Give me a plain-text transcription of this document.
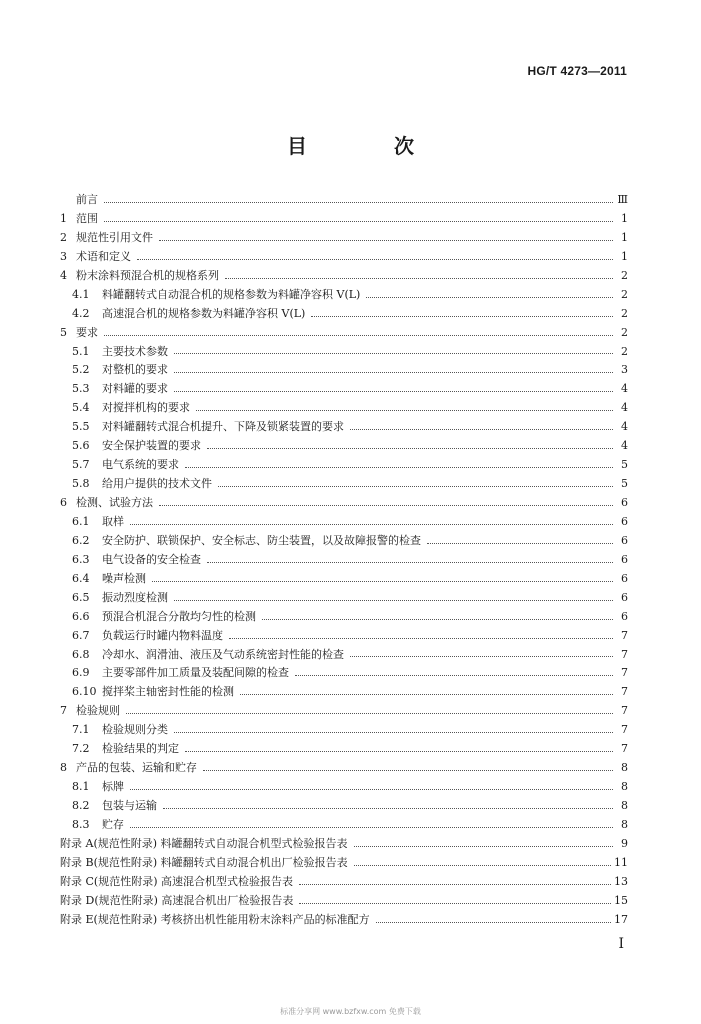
HG/T 4273—2011
目 次
前言	Ⅲ
1 范围	1
2 规范性引用文件	1
3 术语和定义	1
4 粉末涂料预混合机的规格系列	2
4.1	料罐翻转式自动混合机的规格参数为料罐净容积 V(L)	2
4.2	高速混合机的规格参数为料罐净容积 V(L)	2
5 要求	2
5.1	主要技术参数	2
5.2	对整机的要求	3
5.3	对料罐的要求	4
5.4	对搅拌机构的要求	4
5.5	对料罐翻转式混合机提升、下降及锁紧装置的要求	4
5.6	安全保护装置的要求	4
5.7	电气系统的要求	5
5.8	给用户提供的技术文件	5
6 检测、试验方法	6
6.1	取样	6
6.2	安全防护、联锁保护、安全标志、防尘装置，以及故障报警的检查	6
6.3	电气设备的安全检查	6
6.4	噪声检测	6
6.5	振动烈度检测	6
6.6	预混合机混合分散均匀性的检测	6
6.7	负载运行时罐内物料温度	7
6.8	冷却水、润滑油、液压及气动系统密封性能的检查	7
6.9	主要零部件加工质量及装配间隙的检查	7
6.10 搅拌桨主轴密封性能的检测	7
7 检验规则	7
7.1	检验规则分类	7
7.2	检验结果的判定	7
8 产品的包装、运输和贮存	8
8.1	标牌	8
8.2	包装与运输	8
8.3	贮存	8
附录 A(规范性附录) 料罐翻转式自动混合机型式检验报告表	9
附录 B(规范性附录) 料罐翻转式自动混合机出厂检验报告表	11
附录 C(规范性附录) 高速混合机型式检验报告表	13
附录 D(规范性附录) 高速混合机出厂检验报告表	15
附录 E(规范性附录) 考核挤出机性能用粉末涂料产品的标准配方	17
I
标准分享网 www.bzfxw.com 免费下载
